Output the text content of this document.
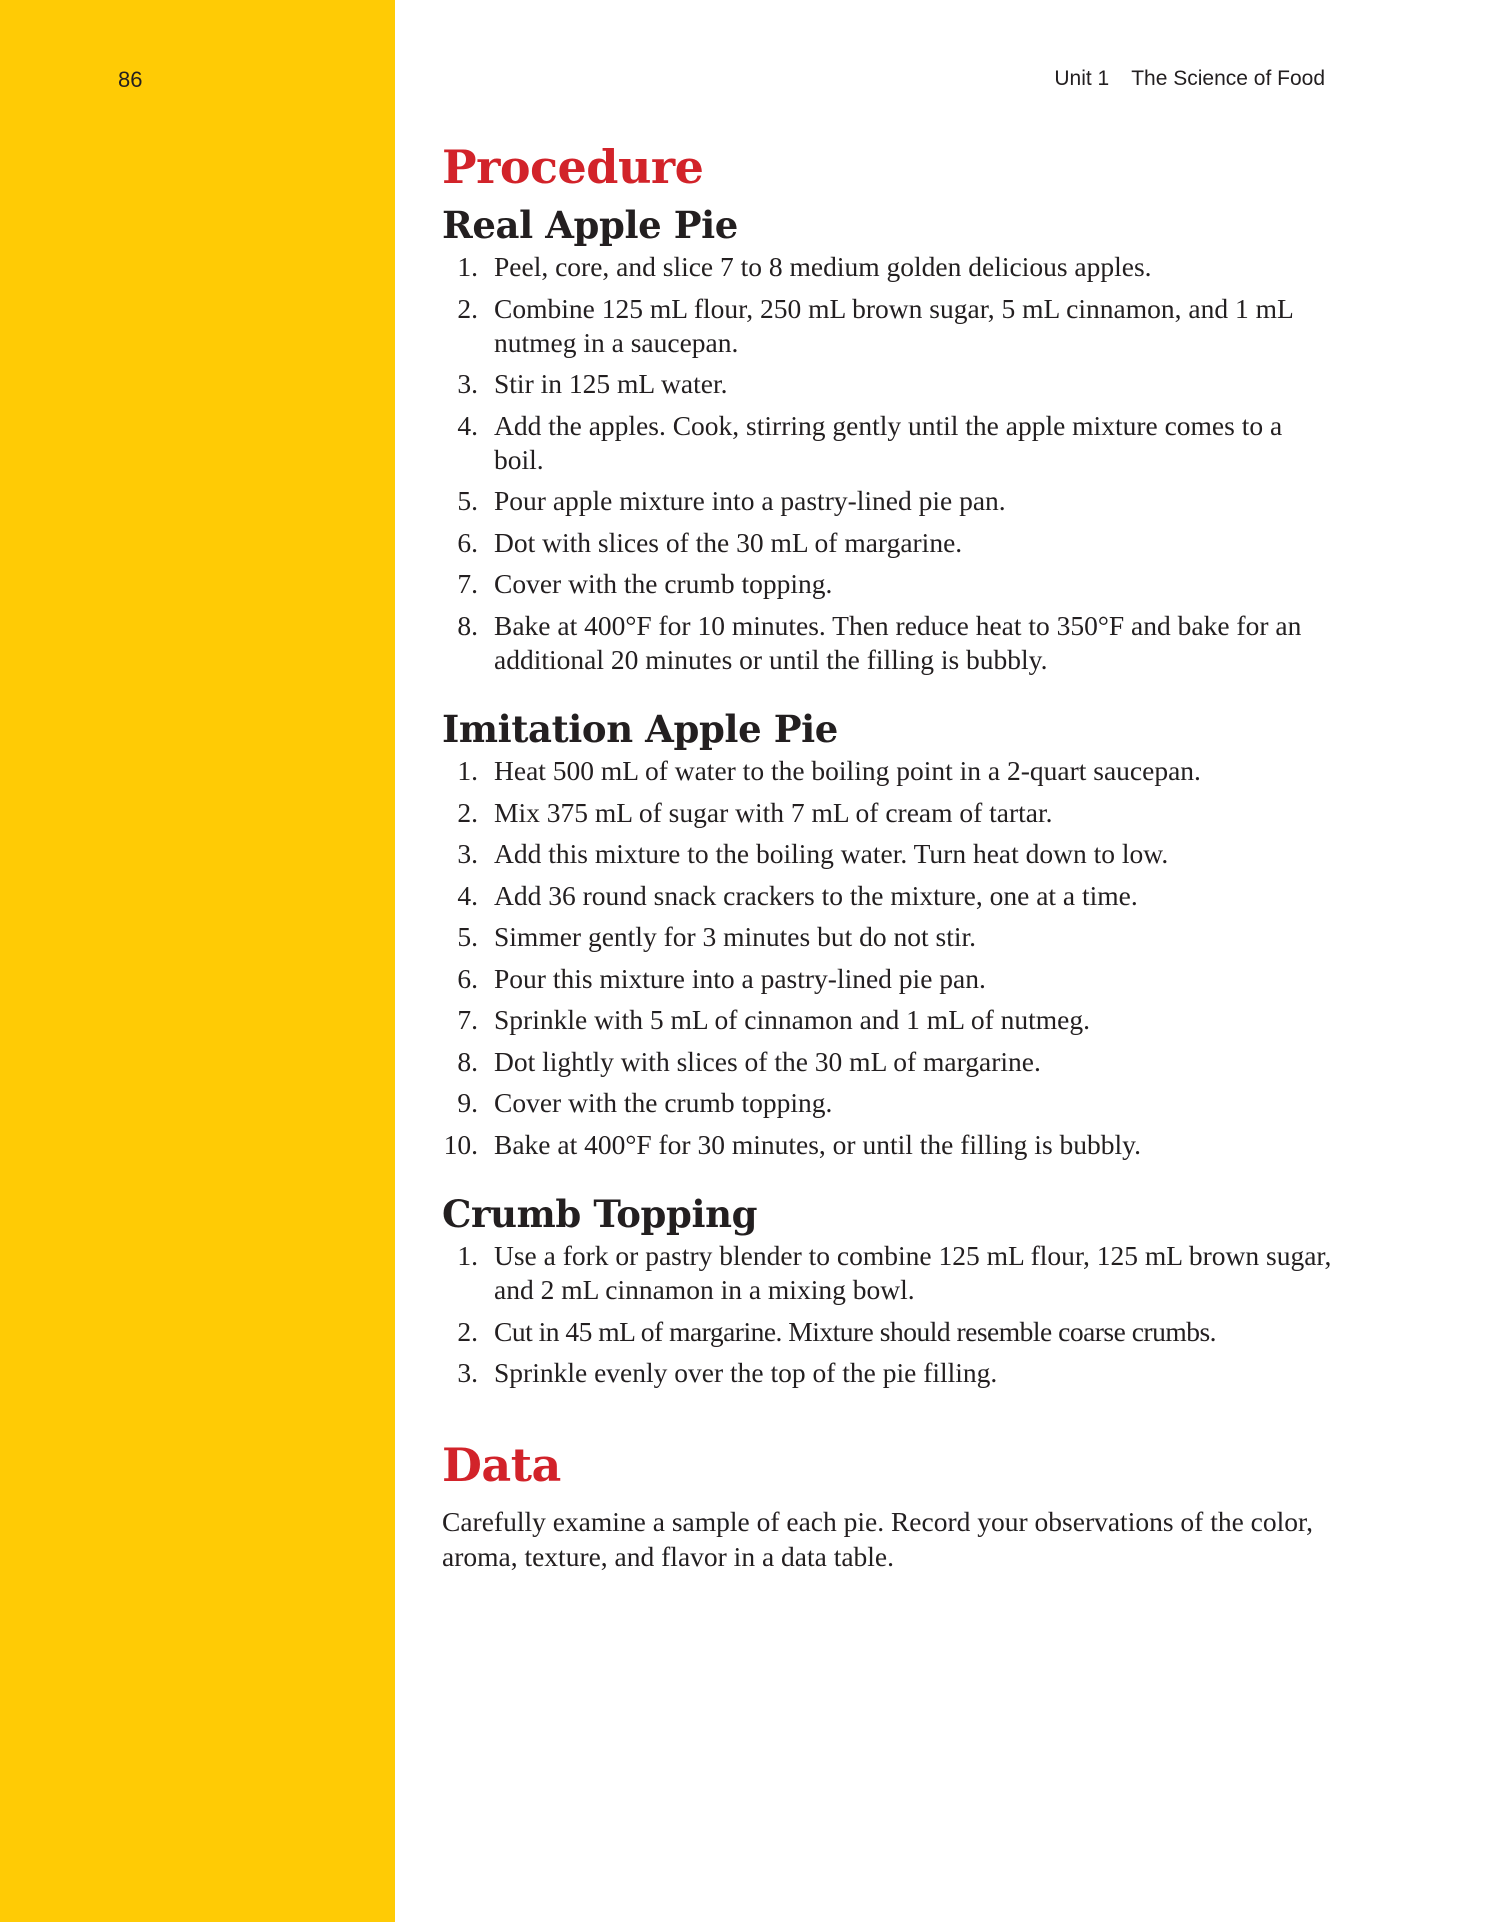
86	Unit 1 The Science of Food
Procedure
Real Apple Pie
1. Peel, core, and slice 7 to 8 medium golden delicious apples.
2. Combine 125 mL flour, 250 mL brown sugar, 5 mL cinnamon, and 1 mL nutmeg in a saucepan.
3. Stir in 125 mL water.
4. Add the apples. Cook, stirring gently until the apple mixture comes to a boil.
5. Pour apple mixture into a pastry-lined pie pan.
6. Dot with slices of the 30 mL of margarine.
7. Cover with the crumb topping.
8. Bake at 400°F for 10 minutes. Then reduce heat to 350°F and bake for an additional 20 minutes or until the filling is bubbly.
Imitation Apple Pie
1. Heat 500 mL of water to the boiling point in a 2-quart saucepan.
2. Mix 375 mL of sugar with 7 mL of cream of tartar.
3. Add this mixture to the boiling water. Turn heat down to low.
4. Add 36 round snack crackers to the mixture, one at a time.
5. Simmer gently for 3 minutes but do not stir.
6. Pour this mixture into a pastry-lined pie pan.
7. Sprinkle with 5 mL of cinnamon and 1 mL of nutmeg.
8. Dot lightly with slices of the 30 mL of margarine.
9. Cover with the crumb topping.
10. Bake at 400°F for 30 minutes, or until the filling is bubbly.
Crumb Topping
1. Use a fork or pastry blender to combine 125 mL flour, 125 mL brown sugar, and 2 mL cinnamon in a mixing bowl.
2. Cut in 45 mL of margarine. Mixture should resemble coarse crumbs.
3. Sprinkle evenly over the top of the pie filling.
Data

Carefully examine a sample of each pie. Record your observations of the color, aroma, texture, and flavor in a data table.
